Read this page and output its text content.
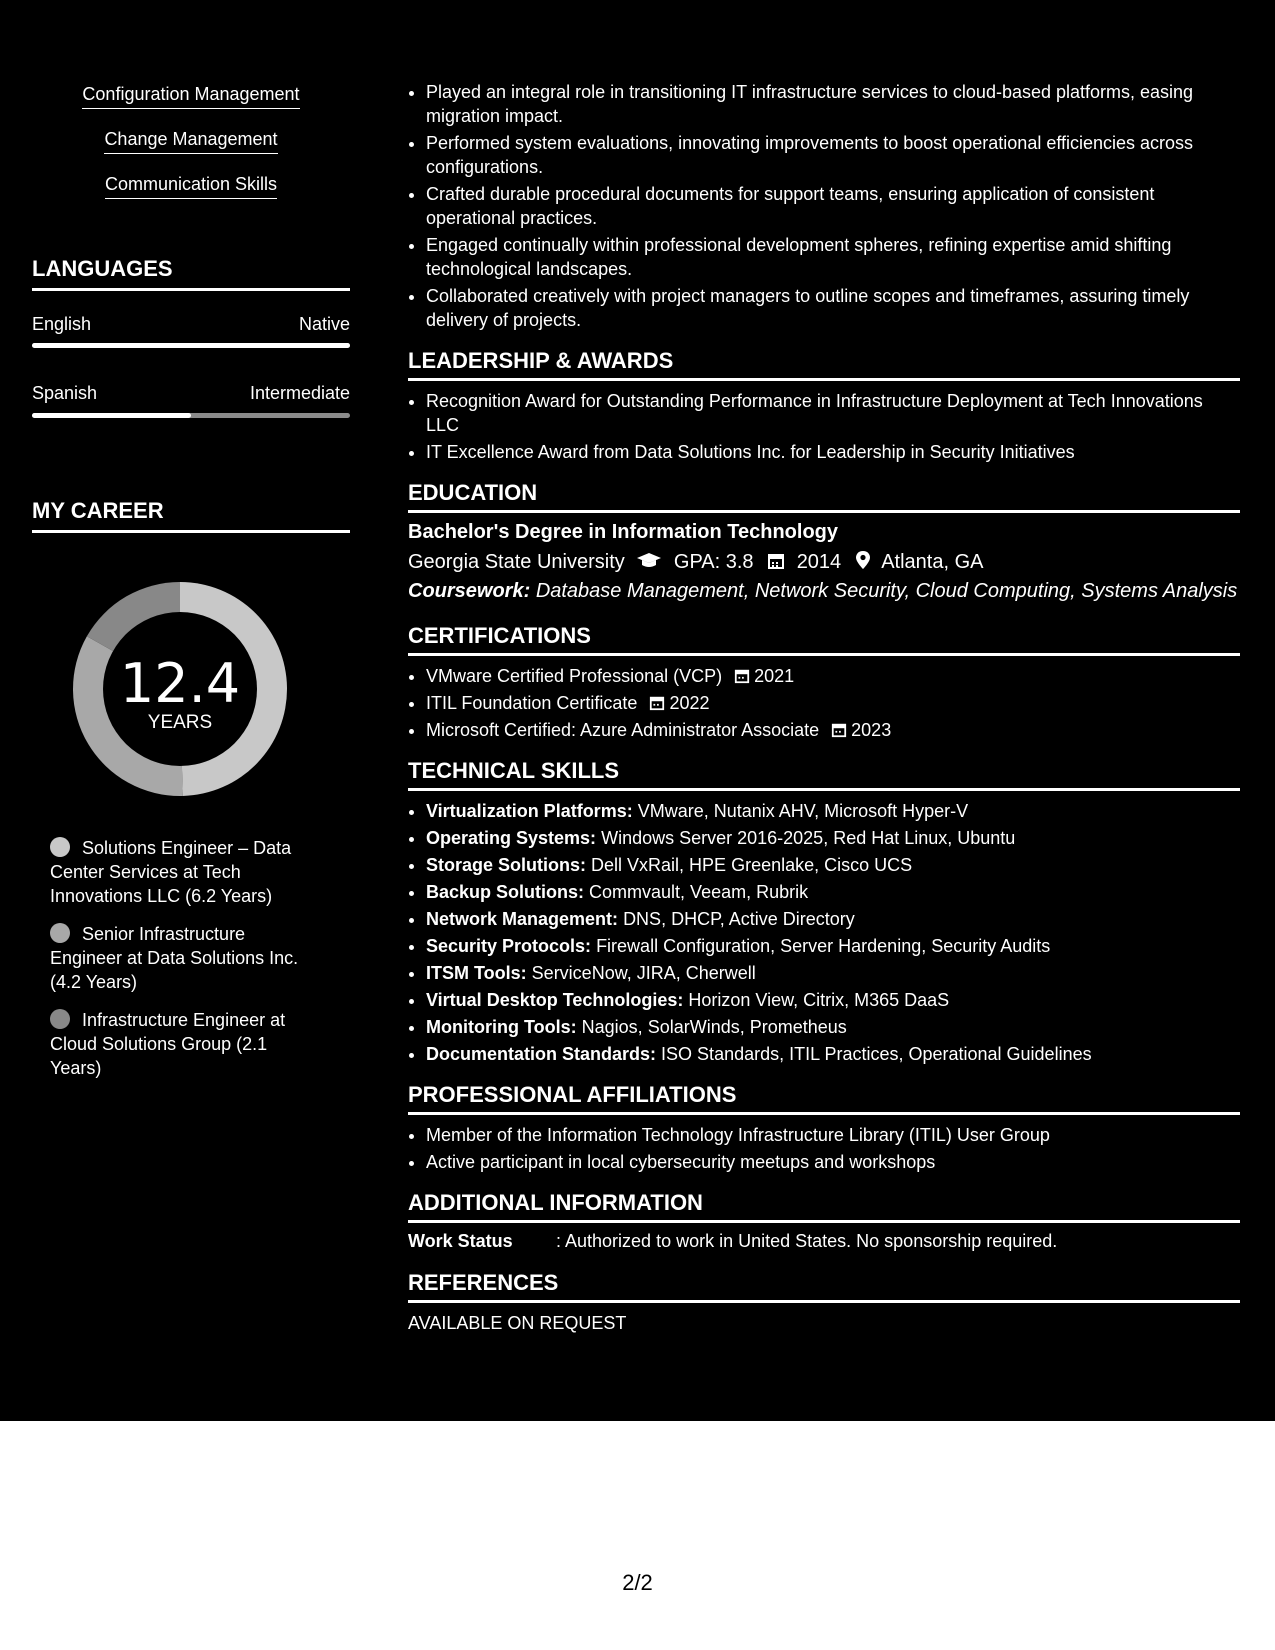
Configuration Management
Change Management
Communication Skills
LANGUAGES
English	Native
Spanish	Intermediate
MY CAREER
12.4
YEARS
Solutions Engineer – Data Center Services at Tech Innovations LLC (6.2 Years)
Senior Infrastructure Engineer at Data Solutions Inc. (4.2 Years)
Infrastructure Engineer at Cloud Solutions Group (2.1 Years)
• Played an integral role in transitioning IT infrastructure services to cloud-based platforms, easing migration impact.
• Performed system evaluations, innovating improvements to boost operational efficiencies across configurations.
• Crafted durable procedural documents for support teams, ensuring application of consistent operational practices.
• Engaged continually within professional development spheres, refining expertise amid shifting technological landscapes.
• Collaborated creatively with project managers to outline scopes and timeframes, assuring timely delivery of projects.
LEADERSHIP & AWARDS
• Recognition Award for Outstanding Performance in Infrastructure Deployment at Tech Innovations LLC
• IT Excellence Award from Data Solutions Inc. for Leadership in Security Initiatives
EDUCATION
Bachelor's Degree in Information Technology
Georgia State University GPA: 3.8 2014 Atlanta, GA
Coursework: Database Management, Network Security, Cloud Computing, Systems Analysis
CERTIFICATIONS
• VMware Certified Professional (VCP) 2021
• ITIL Foundation Certificate 2022
• Microsoft Certified: Azure Administrator Associate 2023
TECHNICAL SKILLS
• Virtualization Platforms: VMware, Nutanix AHV, Microsoft Hyper-V
• Operating Systems: Windows Server 2016-2025, Red Hat Linux, Ubuntu
• Storage Solutions: Dell VxRail, HPE Greenlake, Cisco UCS
• Backup Solutions: Commvault, Veeam, Rubrik
• Network Management: DNS, DHCP, Active Directory
• Security Protocols: Firewall Configuration, Server Hardening, Security Audits
• ITSM Tools: ServiceNow, JIRA, Cherwell
• Virtual Desktop Technologies: Horizon View, Citrix, M365 DaaS
• Monitoring Tools: Nagios, SolarWinds, Prometheus
• Documentation Standards: ISO Standards, ITIL Practices, Operational Guidelines
PROFESSIONAL AFFILIATIONS
• Member of the Information Technology Infrastructure Library (ITIL) User Group
• Active participant in local cybersecurity meetups and workshops
ADDITIONAL INFORMATION
Work Status : Authorized to work in United States. No sponsorship required.
REFERENCES
AVAILABLE ON REQUEST
2/2
